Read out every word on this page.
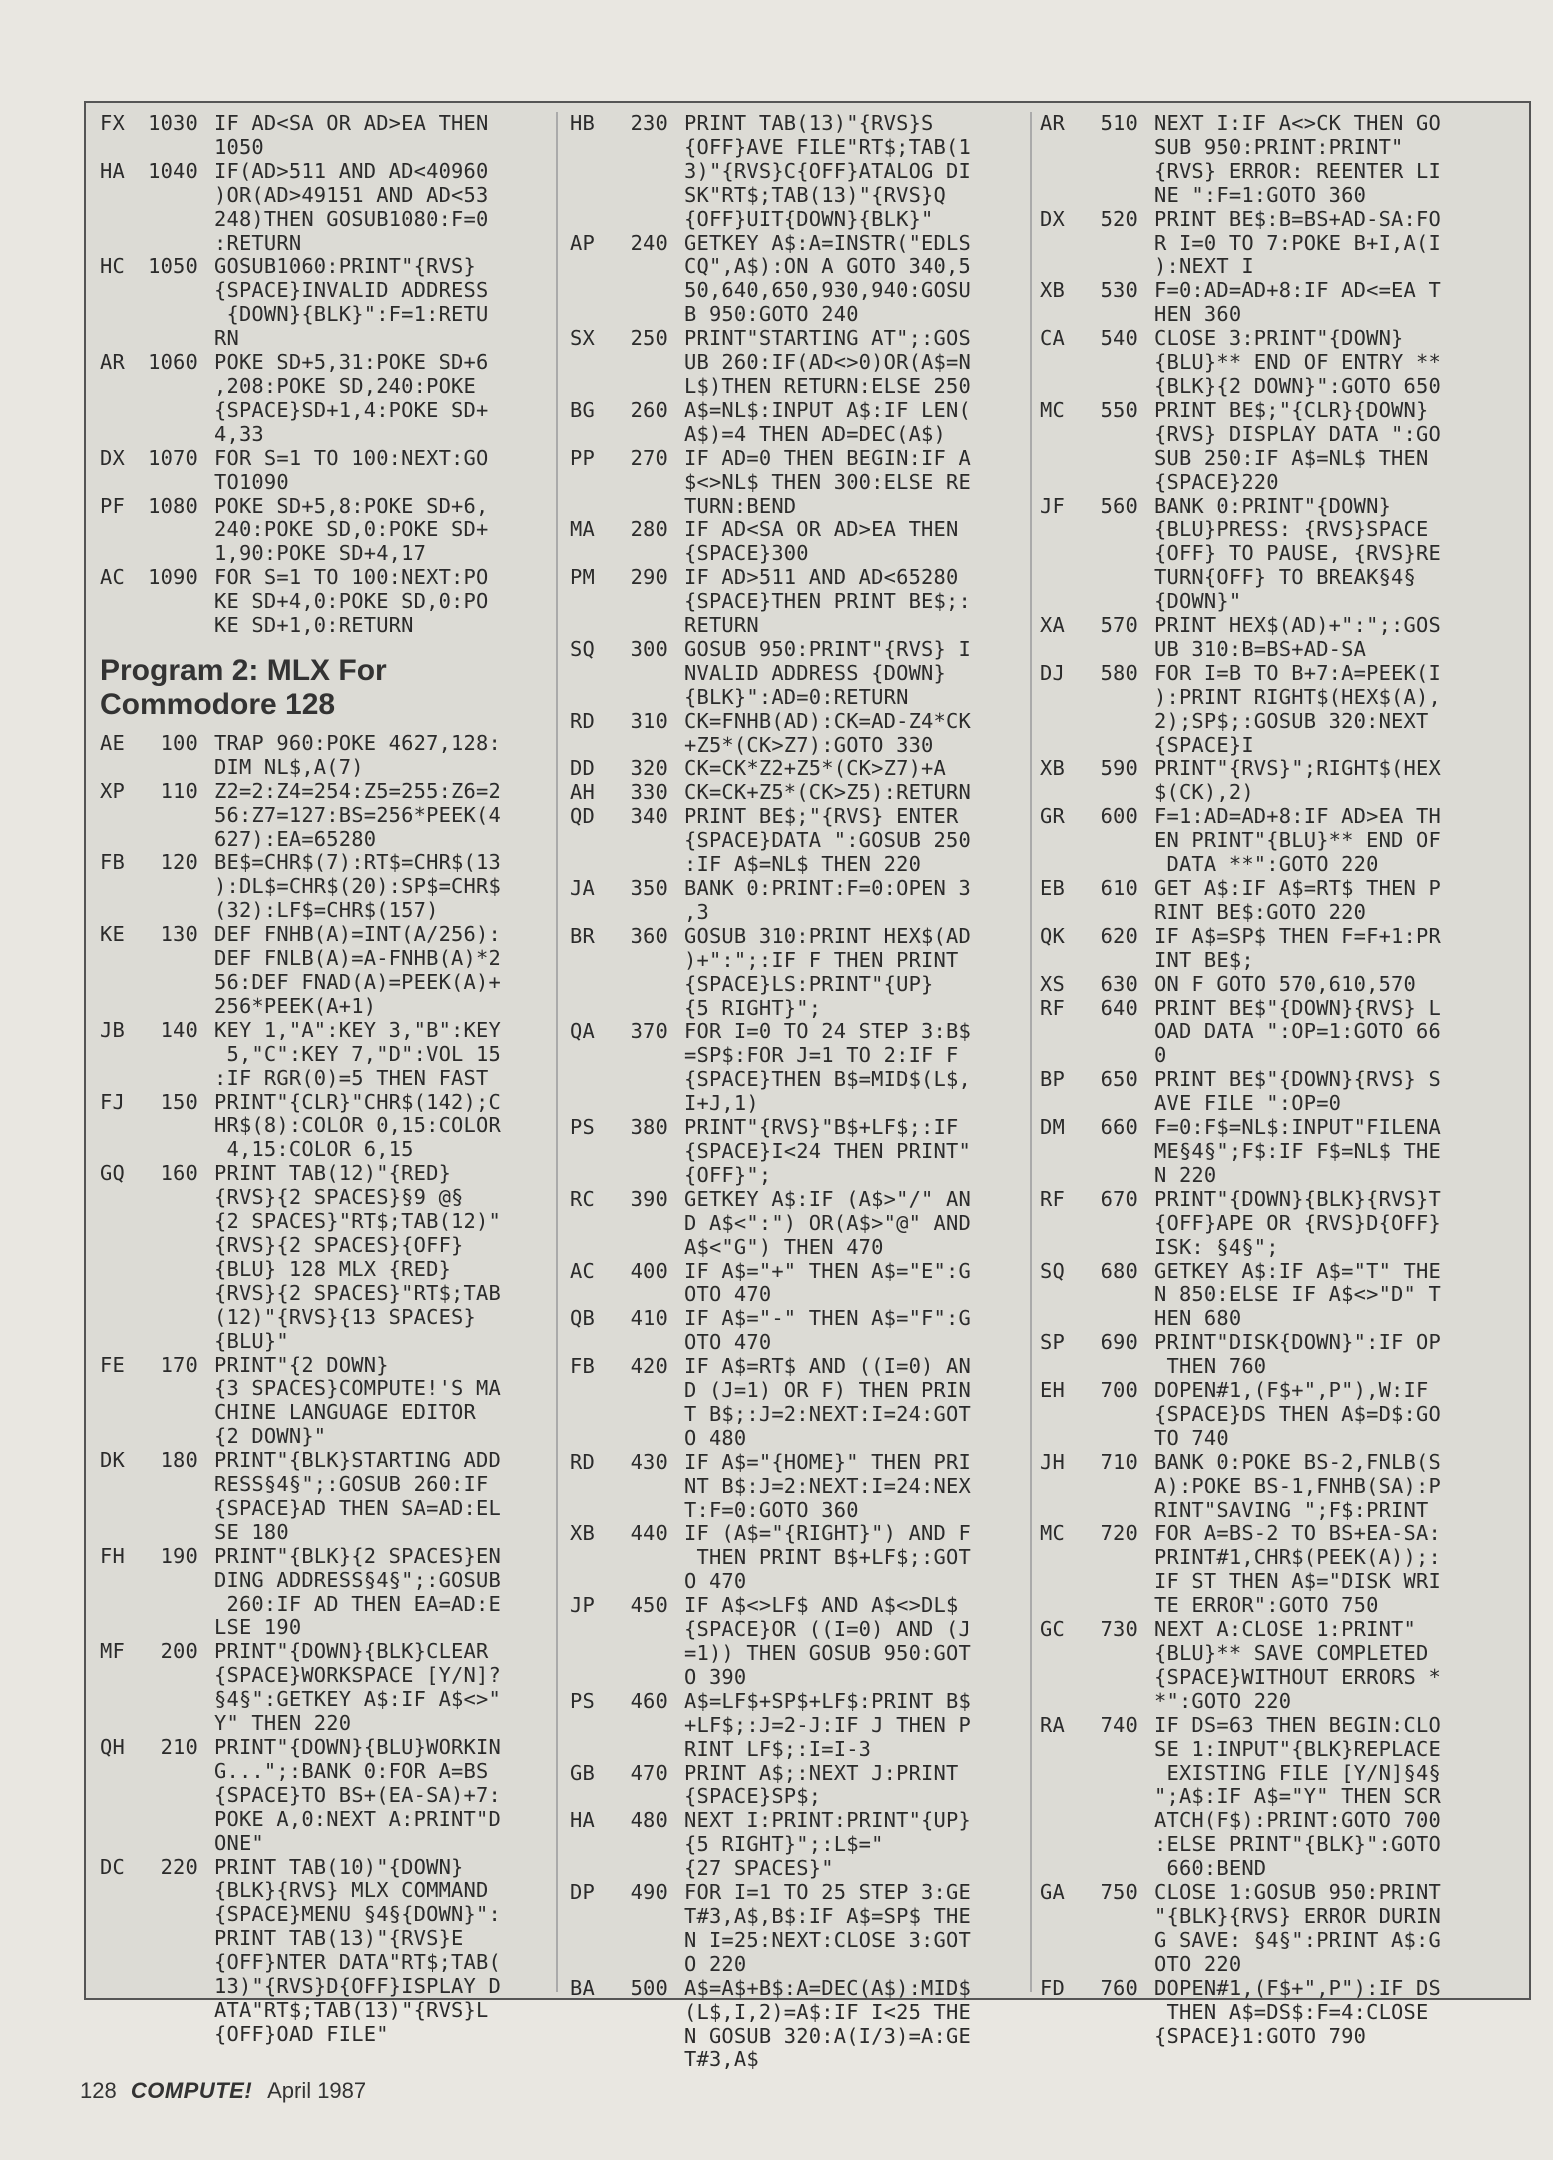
FX	1030 IF AD<SA OR AD>EA THEN
1050
HA	1040 IF(AD>511 AND AD<40960
)OR(AD>49151 AND AD<53
248)THEN GOSUB1080:F=0
:RETURN
HC	1050 GOSUB1060:PRINT"{RVS}
{SPACE}INVALID ADDRESS
{DOWN}{BLK}":F=1:RETU
RN
AR	1060 POKE SD+5,31:POKE SD+6
,208:POKE SD,240:POKE
{SPACE}SD+1,4:POKE SD+
4,33
DX	1070 FOR S=1 TO 100:NEXT:GO
TO1090
PF	1080 POKE SD+5,8:POKE SD+6,
240:POKE SD,0:POKE SD+
1,90:POKE SD+4,17
AC	1090 FOR S=1 TO 100:NEXT:PO
KE SD+4,0:POKE SD,0:PO
KE SD+1,0:RETURN
Program 2: MLX For Commodore 128
AE	100 TRAP 960:POKE 4627,128:
DIM NL$,A(7)
XP	110 Z2=2:Z4=254:Z5=255:Z6=2
56:Z7=127:BS=256*PEEK(4
627):EA=65280
FB	120 BE$=CHR$(7):RT$=CHR$(13
):DL$=CHR$(20):SP$=CHR$
(32):LF$=CHR$(157)
KE	130 DEF FNHB(A)=INT(A/256):
DEF FNLB(A)=A-FNHB(A)*2
56:DEF FNAD(A)=PEEK(A)+
256*PEEK(A+1)
JB	140 KEY 1,"A":KEY 3,"B":KEY
5,"C":KEY 7,"D":VOL 15
:IF RGR(0)=5 THEN FAST
FJ	150 PRINT"{CLR}"CHR$(142);C
HR$(8):COLOR 0,15:COLOR
4,15:COLOR 6,15
GQ	160 PRINT TAB(12)"{RED}
{RVS}{2 SPACES}§9 @§
{2 SPACES}"RT$;TAB(12)"
{RVS}{2 SPACES}{OFF}
{BLU} 128 MLX {RED}
{RVS}{2 SPACES}"RT$;TAB
(12)"{RVS}{13 SPACES}
{BLU}"
FE	170 PRINT"{2 DOWN}
{3 SPACES}COMPUTE!'S MA
CHINE LANGUAGE EDITOR
{2 DOWN}"
DK	180 PRINT"{BLK}STARTING ADD
RESS§4§";:GOSUB 260:IF
{SPACE}AD THEN SA=AD:EL
SE 180
FH	190 PRINT"{BLK}{2 SPACES}EN
DING ADDRESS§4§";:GOSUB
260:IF AD THEN EA=AD:E
LSE 190
MF	200 PRINT"{DOWN}{BLK}CLEAR
{SPACE}WORKSPACE [Y/N]?
§4§":GETKEY A$:IF A$<>"
Y" THEN 220
QH	210 PRINT"{DOWN}{BLU}WORKIN
G...";:BANK 0:FOR A=BS
{SPACE}TO BS+(EA-SA)+7:
POKE A,0:NEXT A:PRINT"D
ONE"
DC	220 PRINT TAB(10)"{DOWN}
{BLK}{RVS} MLX COMMAND
{SPACE}MENU §4§{DOWN}":
PRINT TAB(13)"{RVS}E
{OFF}NTER DATA"RT$;TAB(
13)"{RVS}D{OFF}ISPLAY D
ATA"RT$;TAB(13)"{RVS}L
{OFF}OAD FILE"
HB	230 PRINT TAB(13)"{RVS}S
{OFF}AVE FILE"RT$;TAB(1
3)"{RVS}C{OFF}ATALOG DI
SK"RT$;TAB(13)"{RVS}Q
{OFF}UIT{DOWN}{BLK}"
AP	240 GETKEY A$:A=INSTR("EDLS
CQ",A$):ON A GOTO 340,5
50,640,650,930,940:GOSU
B 950:GOTO 240
SX	250 PRINT"STARTING AT";:GOS
UB 260:IF(AD<>0)OR(A$=N
L$)THEN RETURN:ELSE 250
BG	260 A$=NL$:INPUT A$:IF LEN(
A$)=4 THEN AD=DEC(A$)
PP	270 IF AD=0 THEN BEGIN:IF A
$<>NL$ THEN 300:ELSE RE
TURN:BEND
MA	280 IF AD<SA OR AD>EA THEN
{SPACE}300
PM	290 IF AD>511 AND AD<65280
{SPACE}THEN PRINT BE$;:
RETURN
SQ	300 GOSUB 950:PRINT"{RVS} I
NVALID ADDRESS {DOWN}
{BLK}":AD=0:RETURN
RD	310 CK=FNHB(AD):CK=AD-Z4*CK
+Z5*(CK>Z7):GOTO 330
DD	320 CK=CK*Z2+Z5*(CK>Z7)+A
AH	330 CK=CK+Z5*(CK>Z5):RETURN
QD	340 PRINT BE$;"{RVS} ENTER
{SPACE}DATA ":GOSUB 250
:IF A$=NL$ THEN 220
JA	350 BANK 0:PRINT:F=0:OPEN 3
,3
BR	360 GOSUB 310:PRINT HEX$(AD
)+":";:IF F THEN PRINT
{SPACE}LS:PRINT"{UP}
{5 RIGHT}";
QA	370 FOR I=0 TO 24 STEP 3:B$
=SP$:FOR J=1 TO 2:IF F
{SPACE}THEN B$=MID$(L$,
I+J,1)
PS	380 PRINT"{RVS}"B$+LF$;:IF
{SPACE}I<24 THEN PRINT"
{OFF}";
RC	390 GETKEY A$:IF (A$>"/" AN
D A$<":") OR(A$>"@" AND
A$<"G") THEN 470
AC	400 IF A$="+" THEN A$="E":G
OTO 470
QB	410 IF A$="-" THEN A$="F":G
OTO 470
FB	420 IF A$=RT$ AND ((I=0) AN
D (J=1) OR F) THEN PRIN
T B$;:J=2:NEXT:I=24:GOT
O 480
RD	430 IF A$="{HOME}" THEN PRI
NT B$:J=2:NEXT:I=24:NEX
T:F=0:GOTO 360
XB	440 IF (A$="{RIGHT}") AND F
THEN PRINT B$+LF$;:GOT
O 470
JP	450 IF A$<>LF$ AND A$<>DL$
{SPACE}OR ((I=0) AND (J
=1)) THEN GOSUB 950:GOT
O 390
PS	460 A$=LF$+SP$+LF$:PRINT B$
+LF$;:J=2-J:IF J THEN P
RINT LF$;:I=I-3
GB	470 PRINT A$;:NEXT J:PRINT
{SPACE}SP$;
HA	480 NEXT I:PRINT:PRINT"{UP}
{5 RIGHT}";:L$="
{27 SPACES}"
DP	490 FOR I=1 TO 25 STEP 3:GE
T#3,A$,B$:IF A$=SP$ THE
N I=25:NEXT:CLOSE 3:GOT
O 220
BA	500 A$=A$+B$:A=DEC(A$):MID$
(L$,I,2)=A$:IF I<25 THE
N GOSUB 320:A(I/3)=A:GE
T#3,A$
AR	510 NEXT I:IF A<>CK THEN GO
SUB 950:PRINT:PRINT"
{RVS} ERROR: REENTER LI
NE ":F=1:GOTO 360
DX	520 PRINT BE$:B=BS+AD-SA:FO
R I=0 TO 7:POKE B+I,A(I
):NEXT I
XB	530 F=0:AD=AD+8:IF AD<=EA T
HEN 360
CA	540 CLOSE 3:PRINT"{DOWN}
{BLU}** END OF ENTRY **
{BLK}{2 DOWN}":GOTO 650
MC	550 PRINT BE$;"{CLR}{DOWN}
{RVS} DISPLAY DATA ":GO
SUB 250:IF A$=NL$ THEN
{SPACE}220
JF	560 BANK 0:PRINT"{DOWN}
{BLU}PRESS: {RVS}SPACE
{OFF} TO PAUSE, {RVS}RE
TURN{OFF} TO BREAK§4§
{DOWN}"
XA	570 PRINT HEX$(AD)+":";:GOS
UB 310:B=BS+AD-SA
DJ	580 FOR I=B TO B+7:A=PEEK(I
):PRINT RIGHT$(HEX$(A),
2);SP$;:GOSUB 320:NEXT
{SPACE}I
XB	590 PRINT"{RVS}";RIGHT$(HEX
$(CK),2)
GR	600 F=1:AD=AD+8:IF AD>EA TH
EN PRINT"{BLU}** END OF
DATA **":GOTO 220
EB	610 GET A$:IF A$=RT$ THEN P
RINT BE$:GOTO 220
QK	620 IF A$=SP$ THEN F=F+1:PR
INT BE$;
XS	630 ON F GOTO 570,610,570
RF	640 PRINT BE$"{DOWN}{RVS} L
OAD DATA ":OP=1:GOTO 66
0
BP	650 PRINT BE$"{DOWN}{RVS} S
AVE FILE ":OP=0
DM	660 F=0:F$=NL$:INPUT"FILENA
ME§4§";F$:IF F$=NL$ THE
N 220
RF	670 PRINT"{DOWN}{BLK}{RVS}T
{OFF}APE OR {RVS}D{OFF}
ISK: §4§";
SQ	680 GETKEY A$:IF A$="T" THE
N 850:ELSE IF A$<>"D" T
HEN 680
SP	690 PRINT"DISK{DOWN}":IF OP
THEN 760
EH	700 DOPEN#1,(F$+",P"),W:IF
{SPACE}DS THEN A$=D$:GO
TO 740
JH	710 BANK 0:POKE BS-2,FNLB(S
A):POKE BS-1,FNHB(SA):P
RINT"SAVING ";F$:PRINT
MC	720 FOR A=BS-2 TO BS+EA-SA:
PRINT#1,CHR$(PEEK(A));:
IF ST THEN A$="DISK WRI
TE ERROR":GOTO 750
GC	730 NEXT A:CLOSE 1:PRINT"
{BLU}** SAVE COMPLETED
{SPACE}WITHOUT ERRORS *
*":GOTO 220
RA	740 IF DS=63 THEN BEGIN:CLO
SE 1:INPUT"{BLK}REPLACE
EXISTING FILE [Y/N]§4§
";A$:IF A$="Y" THEN SCR
ATCH(F$):PRINT:GOTO 700
:ELSE PRINT"{BLK}":GOTO
660:BEND
GA	750 CLOSE 1:GOSUB 950:PRINT
"{BLK}{RVS} ERROR DURIN
G SAVE: §4§":PRINT A$:G
OTO 220
FD	760 DOPEN#1,(F$+",P"):IF DS
THEN A$=DS$:F=4:CLOSE
{SPACE}1:GOTO 790
128 COMPUTE! April 1987
